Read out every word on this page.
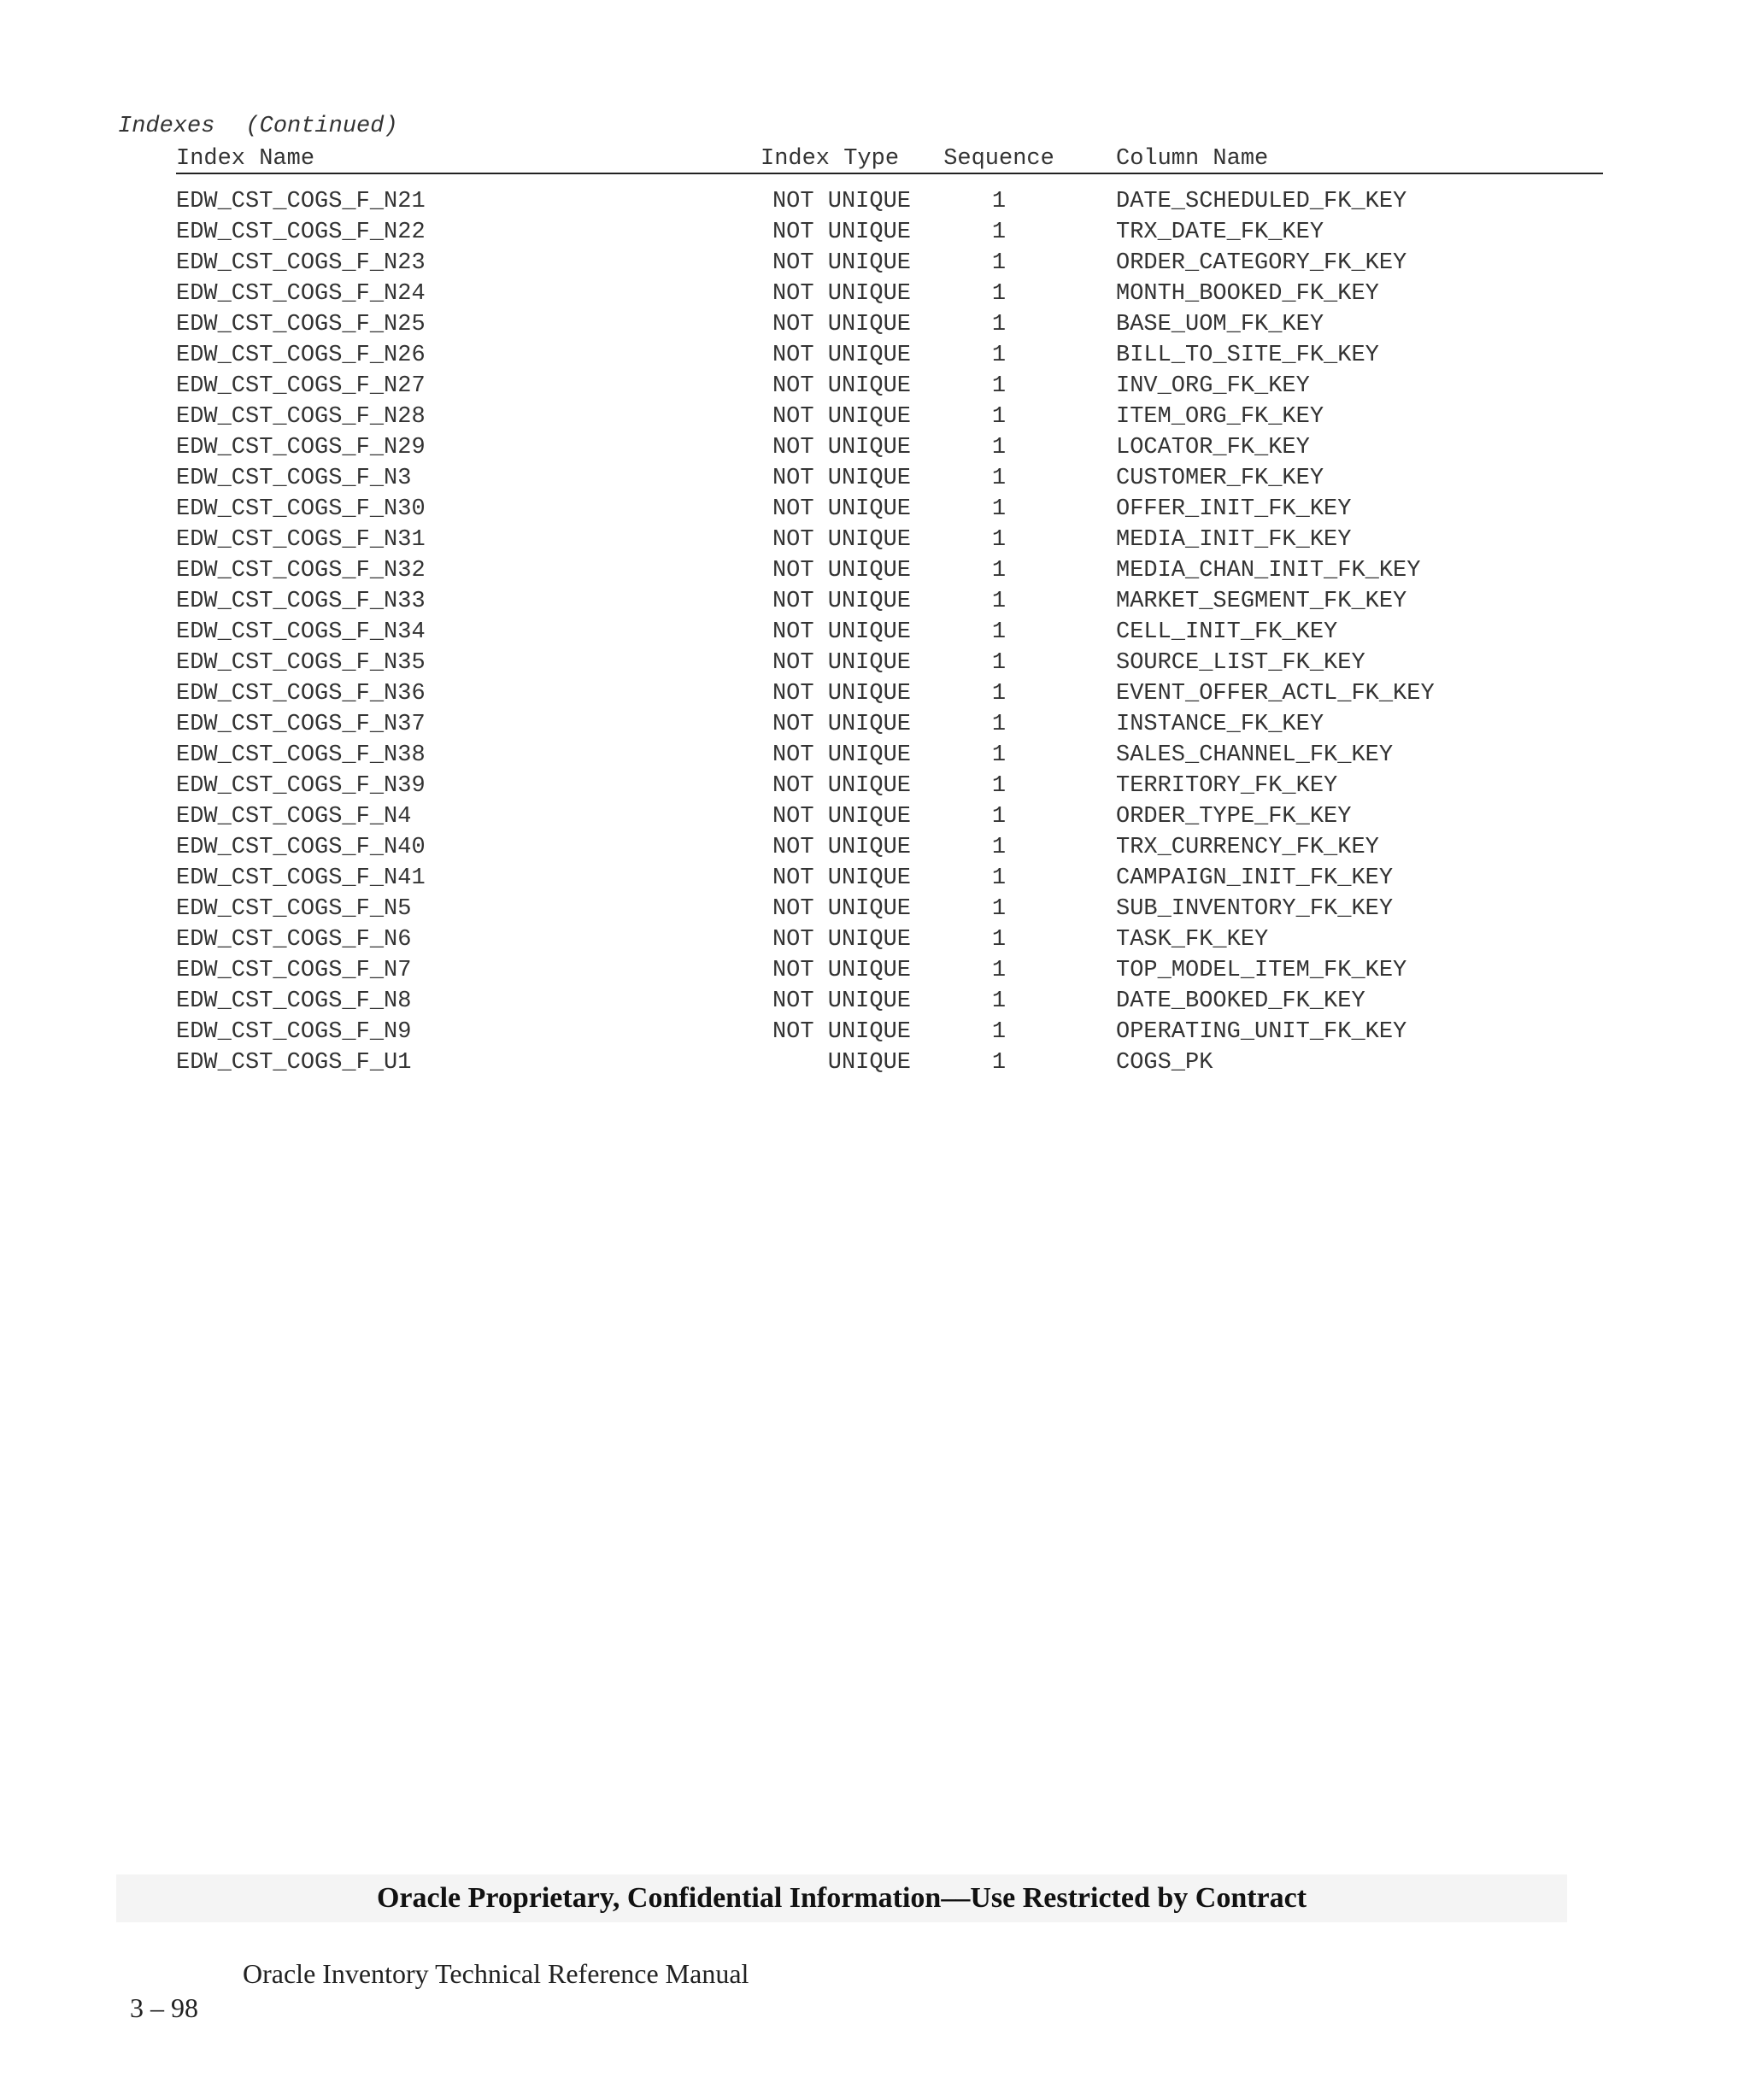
Indexes (Continued)
Index Name	Index Type	Sequence	Column Name
EDW_CST_COGS_F_N21	NOT UNIQUE	1	DATE_SCHEDULED_FK_KEY
EDW_CST_COGS_F_N22	NOT UNIQUE	1	TRX_DATE_FK_KEY
EDW_CST_COGS_F_N23	NOT UNIQUE	1	ORDER_CATEGORY_FK_KEY
EDW_CST_COGS_F_N24	NOT UNIQUE	1	MONTH_BOOKED_FK_KEY
EDW_CST_COGS_F_N25	NOT UNIQUE	1	BASE_UOM_FK_KEY
EDW_CST_COGS_F_N26	NOT UNIQUE	1	BILL_TO_SITE_FK_KEY
EDW_CST_COGS_F_N27	NOT UNIQUE	1	INV_ORG_FK_KEY
EDW_CST_COGS_F_N28	NOT UNIQUE	1	ITEM_ORG_FK_KEY
EDW_CST_COGS_F_N29	NOT UNIQUE	1	LOCATOR_FK_KEY
EDW_CST_COGS_F_N3	NOT UNIQUE	1	CUSTOMER_FK_KEY
EDW_CST_COGS_F_N30	NOT UNIQUE	1	OFFER_INIT_FK_KEY
EDW_CST_COGS_F_N31	NOT UNIQUE	1	MEDIA_INIT_FK_KEY
EDW_CST_COGS_F_N32	NOT UNIQUE	1	MEDIA_CHAN_INIT_FK_KEY
EDW_CST_COGS_F_N33	NOT UNIQUE	1	MARKET_SEGMENT_FK_KEY
EDW_CST_COGS_F_N34	NOT UNIQUE	1	CELL_INIT_FK_KEY
EDW_CST_COGS_F_N35	NOT UNIQUE	1	SOURCE_LIST_FK_KEY
EDW_CST_COGS_F_N36	NOT UNIQUE	1	EVENT_OFFER_ACTL_FK_KEY
EDW_CST_COGS_F_N37	NOT UNIQUE	1	INSTANCE_FK_KEY
EDW_CST_COGS_F_N38	NOT UNIQUE	1	SALES_CHANNEL_FK_KEY
EDW_CST_COGS_F_N39	NOT UNIQUE	1	TERRITORY_FK_KEY
EDW_CST_COGS_F_N4	NOT UNIQUE	1	ORDER_TYPE_FK_KEY
EDW_CST_COGS_F_N40	NOT UNIQUE	1	TRX_CURRENCY_FK_KEY
EDW_CST_COGS_F_N41	NOT UNIQUE	1	CAMPAIGN_INIT_FK_KEY
EDW_CST_COGS_F_N5	NOT UNIQUE	1	SUB_INVENTORY_FK_KEY
EDW_CST_COGS_F_N6	NOT UNIQUE	1	TASK_FK_KEY
EDW_CST_COGS_F_N7	NOT UNIQUE	1	TOP_MODEL_ITEM_FK_KEY
EDW_CST_COGS_F_N8	NOT UNIQUE	1	DATE_BOOKED_FK_KEY
EDW_CST_COGS_F_N9	NOT UNIQUE	1	OPERATING_UNIT_FK_KEY
EDW_CST_COGS_F_U1	UNIQUE	1	COGS_PK
Oracle Proprietary, Confidential Information––Use Restricted by Contract

3 – 98

Oracle Inventory Technical Reference Manual
